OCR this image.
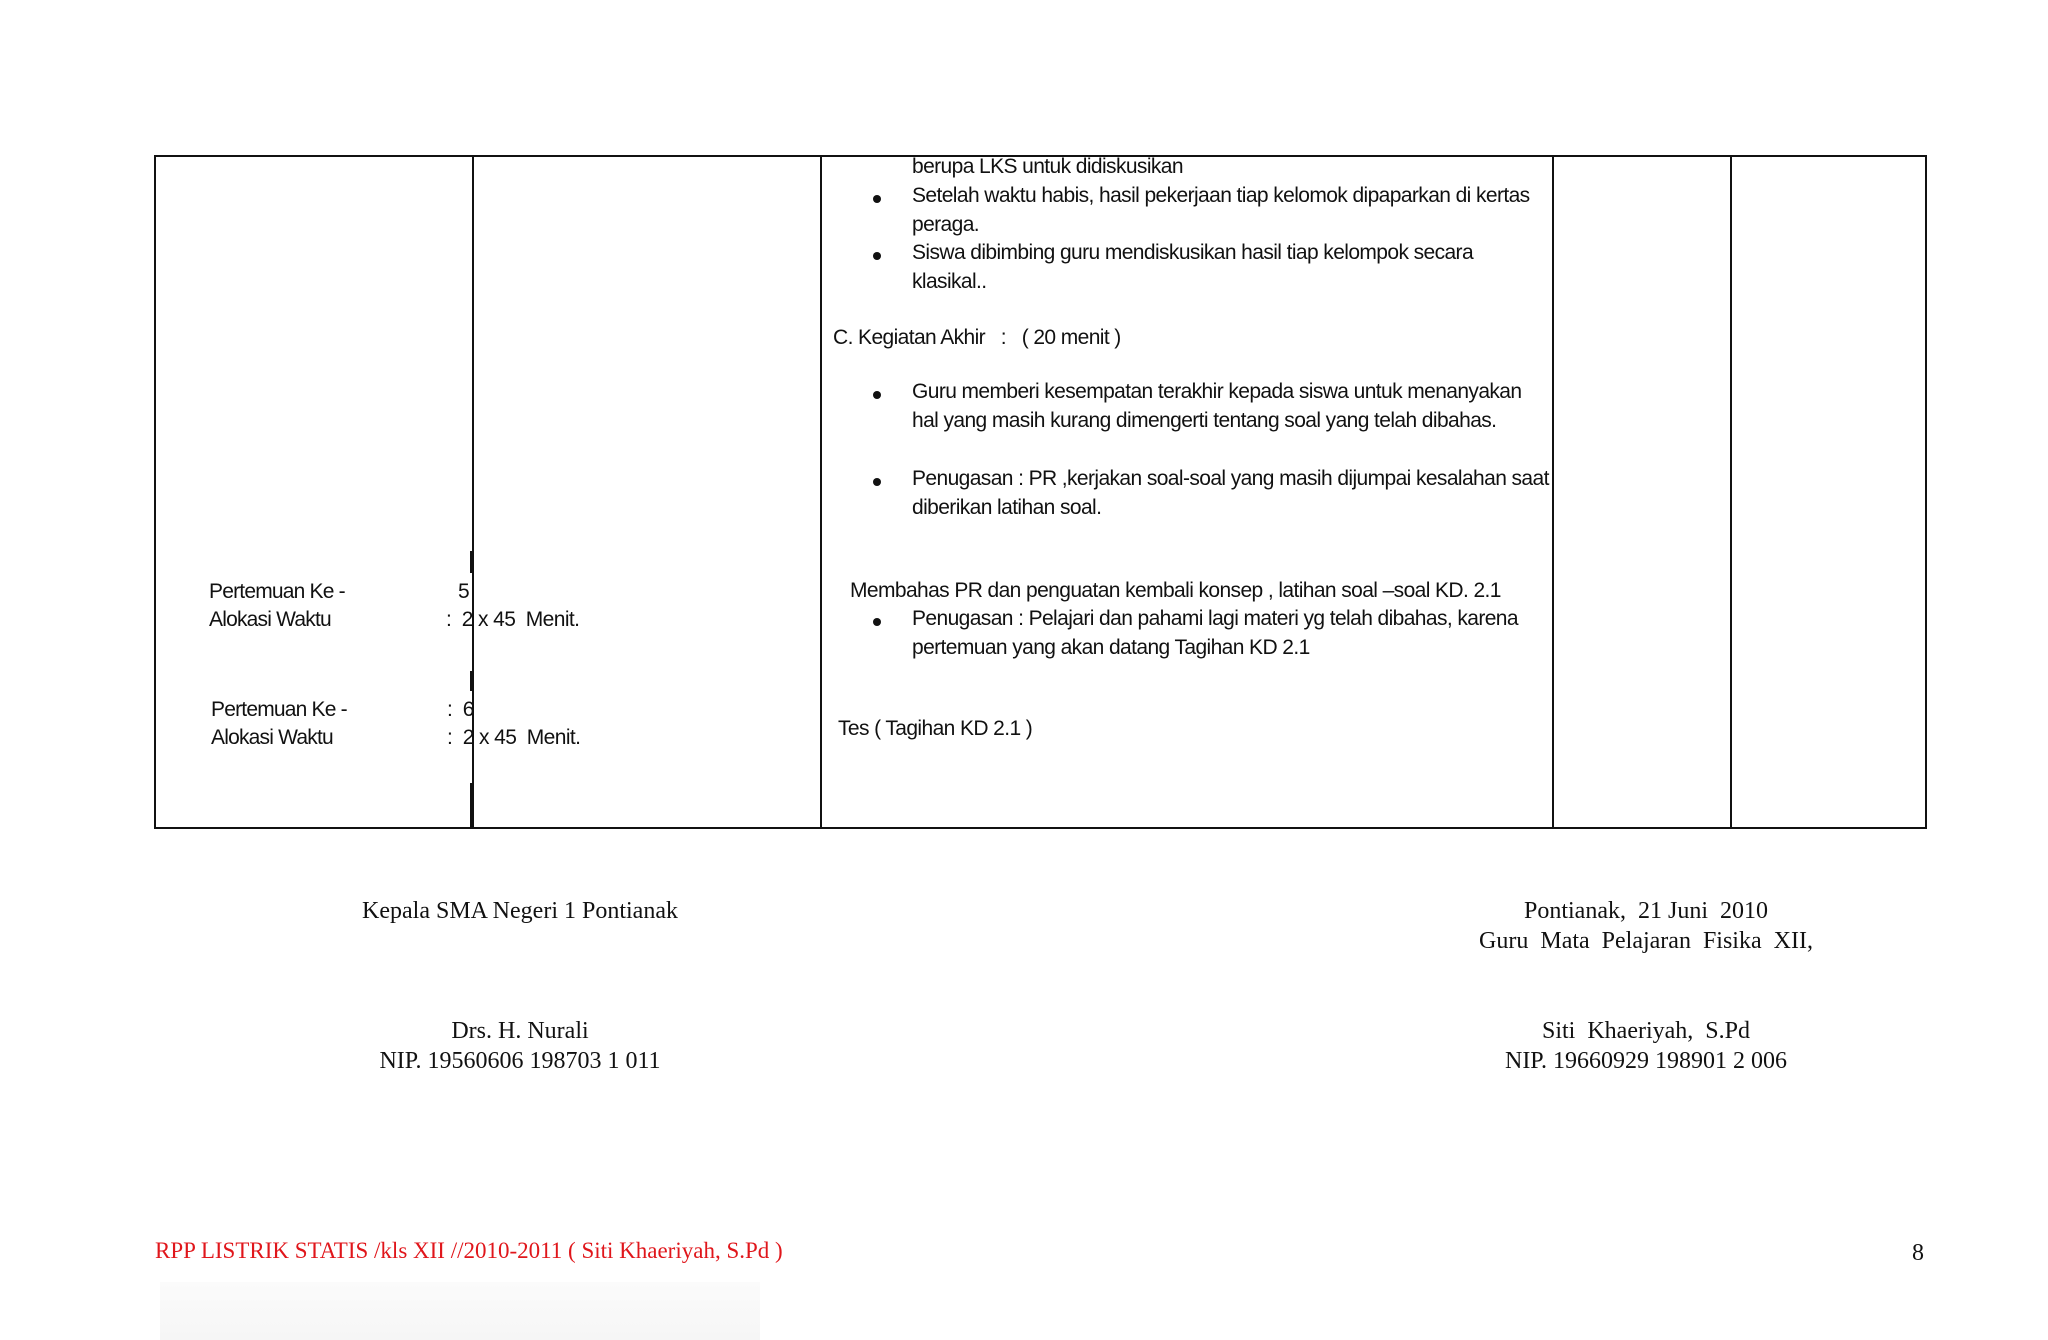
berupa LKS untuk didiskusikan
Setelah waktu habis, hasil pekerjaan tiap kelomok dipaparkan di kertas peraga.
Siswa dibimbing guru mendiskusikan hasil tiap kelompok secara klasikal..
C. Kegiatan Akhir   :   ( 20 menit )
Guru memberi kesempatan terakhir kepada siswa untuk menanyakan hal yang masih kurang dimengerti tentang soal yang telah dibahas.
Penugasan : PR ,kerjakan soal-soal yang masih dijumpai kesalahan saat diberikan latihan soal.
Membahas PR dan penguatan kembali konsep , latihan soal –soal KD. 2.1
Penugasan : Pelajari dan pahami lagi materi yg telah dibahas, karena pertemuan yang akan datang Tagihan KD 2.1
Tes ( Tagihan KD 2.1 )
Pertemuan Ke -	5
Alokasi Waktu	:  2 x 45  Menit.
Pertemuan Ke -	:  6
Alokasi Waktu	:  2 x 45  Menit.
Kepala SMA Negeri 1 Pontianak
Drs. H. Nurali
NIP. 19560606 198703 1 011
Pontianak,  21 Juni  2010
Guru  Mata  Pelajaran  Fisika  XII,
Siti  Khaeriyah,  S.Pd
NIP. 19660929 198901 2 006
RPP LISTRIK STATIS /kls XII //2010-2011 ( Siti Khaeriyah, S.Pd )	8
